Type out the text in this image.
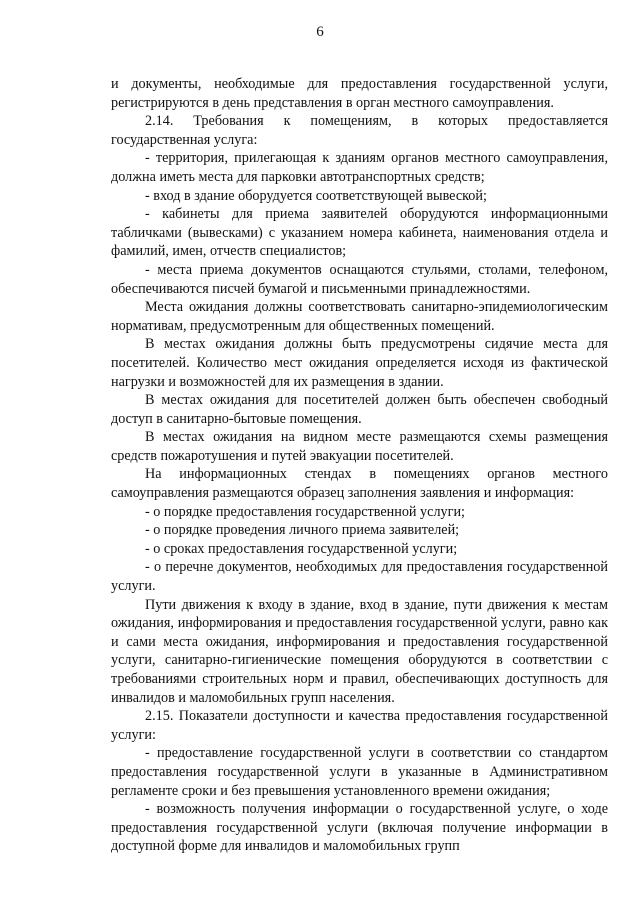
6

и документы, необходимые для предоставления государственной услуги, регистрируются в день представления в орган местного самоуправления.

2.14. Требования к помещениям, в которых предоставляется государственная услуга:

- территория, прилегающая к зданиям органов местного самоуправления, должна иметь места для парковки автотранспортных средств;

- вход в здание оборудуется соответствующей вывеской;

- кабинеты для приема заявителей оборудуются информационными табличками (вывесками) с указанием номера кабинета, наименования отдела и фамилий, имен, отчеств специалистов;

- места приема документов оснащаются стульями, столами, телефоном, обеспечиваются писчей бумагой и письменными принадлежностями.

Места ожидания должны соответствовать санитарно-эпидемиологическим нормативам, предусмотренным для общественных помещений.

В местах ожидания должны быть предусмотрены сидячие места для посетителей. Количество мест ожидания определяется исходя из фактической нагрузки и возможностей для их размещения в здании.

В местах ожидания для посетителей должен быть обеспечен свободный доступ в санитарно-бытовые помещения.

В местах ожидания на видном месте размещаются схемы размещения средств пожаротушения и путей эвакуации посетителей.

На информационных стендах в помещениях органов местного самоуправления размещаются образец заполнения заявления и информация:

- о порядке предоставления государственной услуги;

- о порядке проведения личного приема заявителей;

- о сроках предоставления государственной услуги;

- о перечне документов, необходимых для предоставления государственной услуги.

Пути движения к входу в здание, вход в здание, пути движения к местам ожидания, информирования и предоставления государственной услуги, равно как и сами места ожидания, информирования и предоставления государственной услуги, санитарно-гигиенические помещения оборудуются в соответствии с требованиями строительных норм и правил, обеспечивающих доступность для инвалидов и маломобильных групп населения.

2.15. Показатели доступности и качества предоставления государственной услуги:

- предоставление государственной услуги в соответствии со стандартом предоставления государственной услуги в указанные в Административном регламенте сроки и без превышения установленного времени ожидания;

- возможность получения информации о государственной услуге, о ходе предоставления государственной услуги (включая получение информации в доступной форме для инвалидов и маломобильных групп
